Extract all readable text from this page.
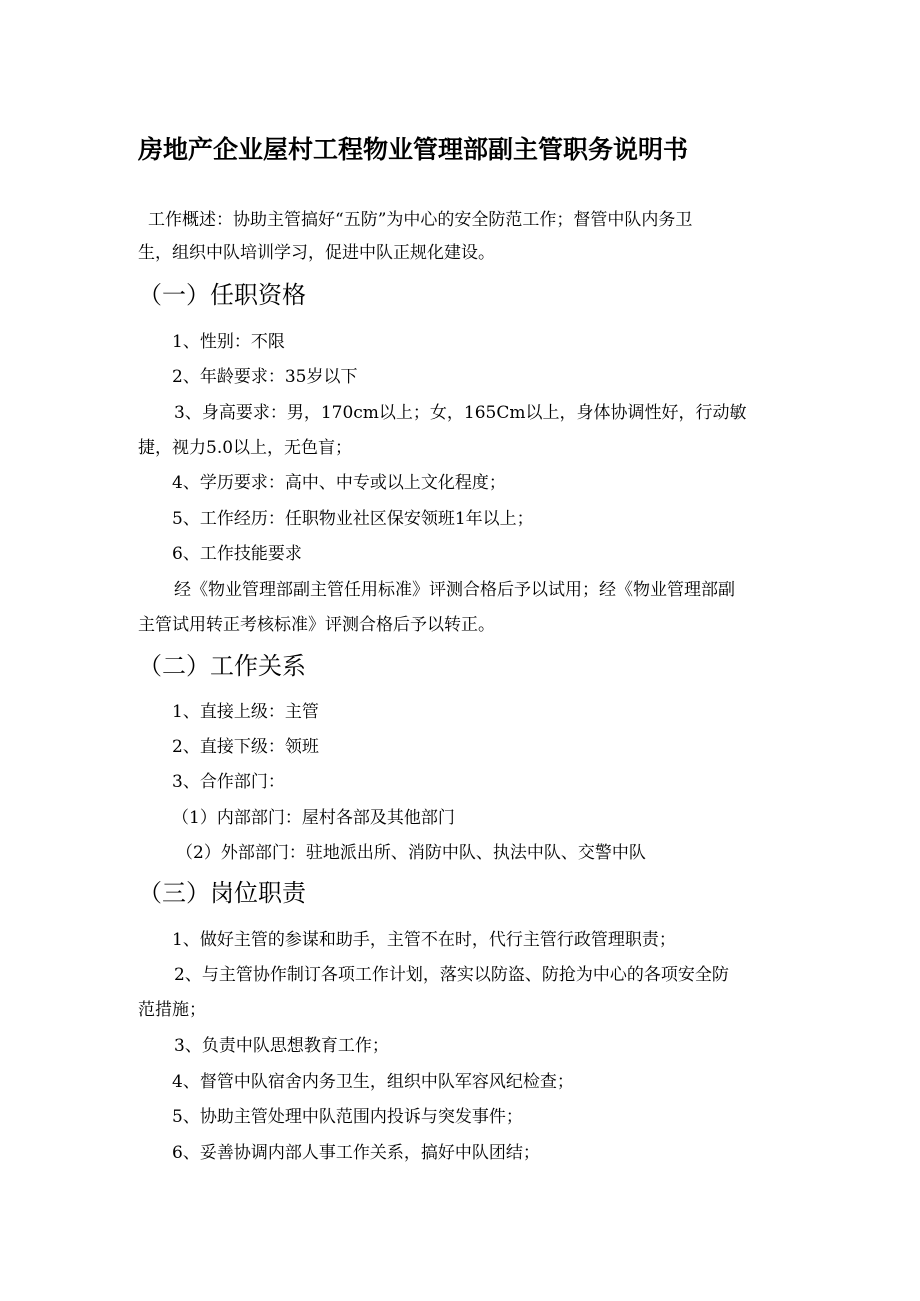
房地产企业屋村工程物业管理部副主管职务说明书
工作概述：协助主管搞好“五防”为中心的安全防范工作；督管中队内务卫
生，组织中队培训学习，促进中队正规化建设。
（一）任职资格
1、性别：不限
2、年龄要求：35岁以下
3、身高要求：男，170cm以上；女，165Cm以上，身体协调性好，行动敏
捷，视力5.0以上，无色盲；
4、学历要求：高中、中专或以上文化程度；
5、工作经历：任职物业社区保安领班1年以上；
6、工作技能要求
经《物业管理部副主管任用标准》评测合格后予以试用；经《物业管理部副
主管试用转正考核标准》评测合格后予以转正。
（二）工作关系
1、直接上级：主管
2、直接下级：领班
3、合作部门：
（1）内部部门：屋村各部及其他部门
（2）外部部门：驻地派出所、消防中队、执法中队、交警中队
（三）岗位职责
1、做好主管的参谋和助手，主管不在时，代行主管行政管理职责；
2、与主管协作制订各项工作计划，落实以防盗、防抢为中心的各项安全防
范措施；
3、负责中队思想教育工作；
4、督管中队宿舍内务卫生，组织中队军容风纪检查；
5、协助主管处理中队范围内投诉与突发事件；
6、妥善协调内部人事工作关系，搞好中队团结；
